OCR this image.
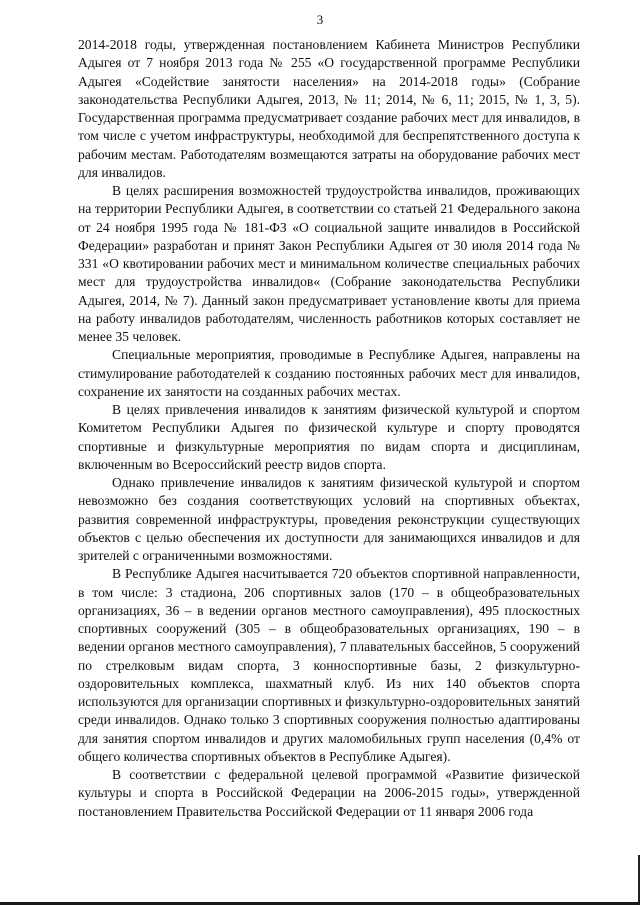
3

2014-2018 годы, утвержденная постановлением Кабинета Министров Республики Адыгея от 7 ноября 2013 года № 255 «О государственной программе Республики Адыгея «Содействие занятости населения» на 2014-2018 годы» (Собрание законодательства Республики Адыгея, 2013, № 11; 2014, № 6, 11; 2015, № 1, 3, 5). Государственная программа предусматривает создание рабочих мест для инвалидов, в том числе с учетом инфраструктуры, необходимой для беспрепятственного доступа к рабочим местам. Работодателям возмещаются затраты на оборудование рабочих мест для инвалидов.

В целях расширения возможностей трудоустройства инвалидов, проживающих на территории Республики Адыгея, в соответствии со статьей 21 Федерального закона от 24 ноября 1995 года № 181-ФЗ «О социальной защите инвалидов в Российской Федерации» разработан и принят Закон Республики Адыгея от 30 июля 2014 года № 331 «О квотировании рабочих мест и минимальном количестве специальных рабочих мест для трудоустройства инвалидов« (Собрание законодательства Республики Адыгея, 2014, № 7). Данный закон предусматривает установление квоты для приема на работу инвалидов работодателям, численность работников которых составляет не менее 35 человек.

Специальные мероприятия, проводимые в Республике Адыгея, направлены на стимулирование работодателей к созданию постоянных рабочих мест для инвалидов, сохранение их занятости на созданных рабочих местах.

В целях привлечения инвалидов к занятиям физической культурой и спортом Комитетом Республики Адыгея по физической культуре и спорту проводятся спортивные и физкультурные мероприятия по видам спорта и дисциплинам, включенным во Всероссийский реестр видов спорта.

Однако привлечение инвалидов к занятиям физической культурой и спортом невозможно без создания соответствующих условий на спортивных объектах, развития современной инфраструктуры, проведения реконструкции существующих объектов с целью обеспечения их доступности для занимающихся инвалидов и для зрителей с ограниченными возможностями.

В Республике Адыгея насчитывается 720 объектов спортивной направленности, в том числе: 3 стадиона, 206 спортивных залов (170 – в общеобразовательных организациях, 36 – в ведении органов местного самоуправления), 495 плоскостных спортивных сооружений (305 – в общеобразовательных организациях, 190 – в ведении органов местного самоуправления), 7 плавательных бассейнов, 5 сооружений по стрелковым видам спорта, 3 конноспортивные базы, 2 физкультурно-оздоровительных комплекса, шахматный клуб. Из них 140 объектов спорта используются для организации спортивных и физкультурно-оздоровительных занятий среди инвалидов. Однако только 3 спортивных сооружения полностью адаптированы для занятия спортом инвалидов и других маломобильных групп населения (0,4% от общего количества спортивных объектов в Республике Адыгея).

В соответствии с федеральной целевой программой «Развитие физической культуры и спорта в Российской Федерации на 2006-2015 годы», утвержденной постановлением Правительства Российской Федерации от 11 января 2006 года
